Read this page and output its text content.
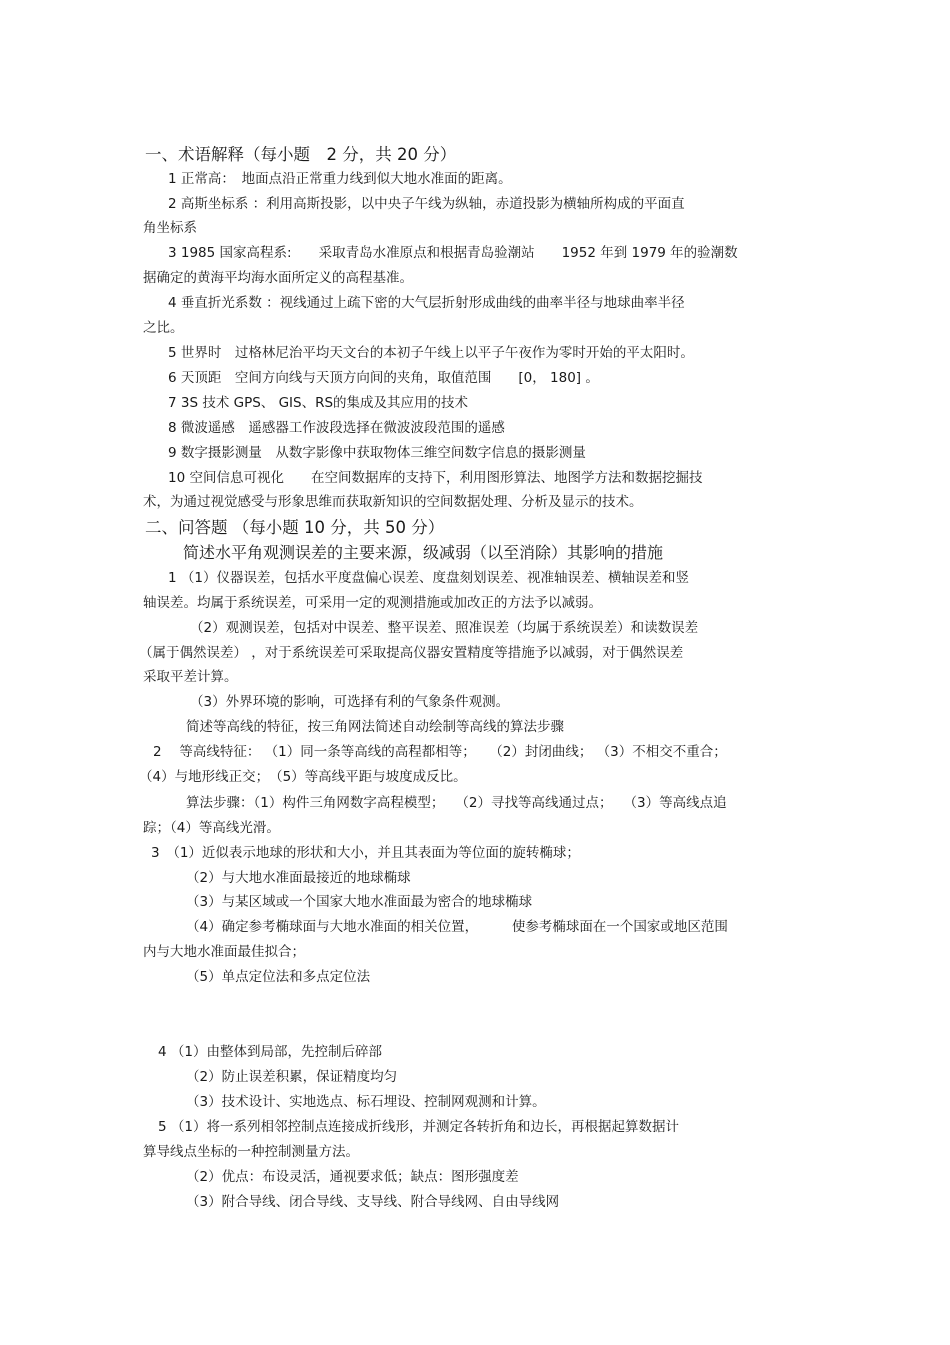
一、术语解释（每小题　2 分，共 20 分）
1 正常高：　地面点沿正常重力线到似大地水准面的距离。
2 高斯坐标系 ：利用高斯投影，以中央子午线为纵轴，赤道投影为横轴所构成的平面直
角坐标系
3 1985 国家高程系:　　采取青岛水准原点和根据青岛验潮站　　1952 年到 1979 年的验潮数
据确定的黄海平均海水面所定义的高程基准。
4 垂直折光系数 ：视线通过上疏下密的大气层折射形成曲线的曲率半径与地球曲率半径
之比。
5 世界时　过格林尼治平均天文台的本初子午线上以平子午夜作为零时开始的平太阳时。
6 天顶距　空间方向线与天顶方向间的夹角，取值范围　　[0， 180] 。
7 3S 技术 GPS、 GIS、RS的集成及其应用的技术
8 微波遥感　遥感器工作波段选择在微波波段范围的遥感
9 数字摄影测量　从数字影像中获取物体三维空间数字信息的摄影测量
10 空间信息可视化　　在空间数据库的支持下，利用图形算法、地图学方法和数据挖掘技
术，为通过视觉感受与形象思维而获取新知识的空间数据处理、分析及显示的技术。
二、问答题 （每小题 10 分，共 50 分）
简述水平角观测误差的主要来源，级减弱（以至消除）其影响的措施
1 （1）仪器误差，包括水平度盘偏心误差、度盘刻划误差、视准轴误差、横轴误差和竖
轴误差。均属于系统误差，可采用一定的观测措施或加改正的方法予以减弱。
（2）观测误差，包括对中误差、整平误差、照准误差（均属于系统误差）和读数误差
（属于偶然误差） ，对于系统误差可采取提高仪器安置精度等措施予以减弱，对于偶然误差
采取平差计算。
（3）外界环境的影响，可选择有利的气象条件观测。
简述等高线的特征，按三角网法简述自动绘制等高线的算法步骤
2　 等高线特征： （1）同一条等高线的高程都相等；　　（2）封闭曲线； （3）不相交不重合；
（4）与地形线正交；　（5）等高线平距与坡度成反比。
算法步骤：（1）构件三角网数字高程模型；　 （2）寻找等高线通过点；　 （3）等高线点追
踪；（4）等高线光滑。
3　（1）近似表示地球的形状和大小，并且其表面为等位面的旋转椭球；
（2）与大地水准面最接近的地球椭球
（3）与某区域或一个国家大地水准面最为密合的地球椭球
（4）确定参考椭球面与大地水准面的相关位置，　　　使参考椭球面在一个国家或地区范围
内与大地水准面最佳拟合；
（5）单点定位法和多点定位法
4 （1）由整体到局部，先控制后碎部
（2）防止误差积累，保证精度均匀
（3）技术设计、实地选点、标石埋设、控制网观测和计算。
5 （1）将一系列相邻控制点连接成折线形，并测定各转折角和边长，再根据起算数据计
算导线点坐标的一种控制测量方法。
（2）优点：布设灵活，通视要求低；缺点：图形强度差
（3）附合导线、闭合导线、支导线、附合导线网、自由导线网
